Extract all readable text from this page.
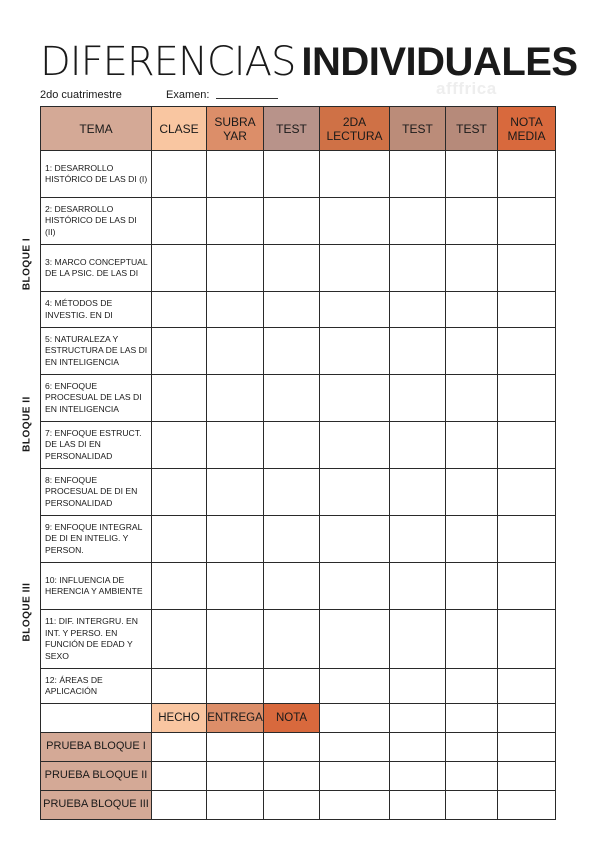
DIFERENCIAS INDIVIDUALES
2do cuatrimestre	Examen:	afffrica
BLOQUE I
BLOQUE II
BLOQUE III
TEMA	CLASE	SUBRA YAR	TEST	2DA LECTURA	TEST	TEST	NOTA MEDIA
1: DESARROLLO HISTÓRICO DE LAS DI (I)							
2: DESARROLLO HISTÓRICO DE LAS DI (II)							
3: MARCO CONCEPTUAL DE LA PSIC. DE LAS DI							
4: MÉTODOS DE INVESTIG. EN DI							
5: NATURALEZA Y ESTRUCTURA DE LAS DI EN INTELIGENCIA							
6: ENFOQUE PROCESUAL DE LAS DI EN INTELIGENCIA							
7: ENFOQUE ESTRUCT. DE LAS DI EN PERSONALIDAD							
8: ENFOQUE PROCESUAL DE DI EN PERSONALIDAD							
9: ENFOQUE INTEGRAL DE DI EN INTELIG. Y PERSON.							
10: INFLUENCIA DE HERENCIA Y AMBIENTE							
11: DIF. INTERGRU. EN INT. Y PERSO. EN FUNCIÓN DE EDAD Y SEXO							
12: ÁREAS DE APLICACIÓN							
	HECHO	ENTREGA	NOTA				
PRUEBA BLOQUE I							
PRUEBA BLOQUE II							
PRUEBA BLOQUE III							
